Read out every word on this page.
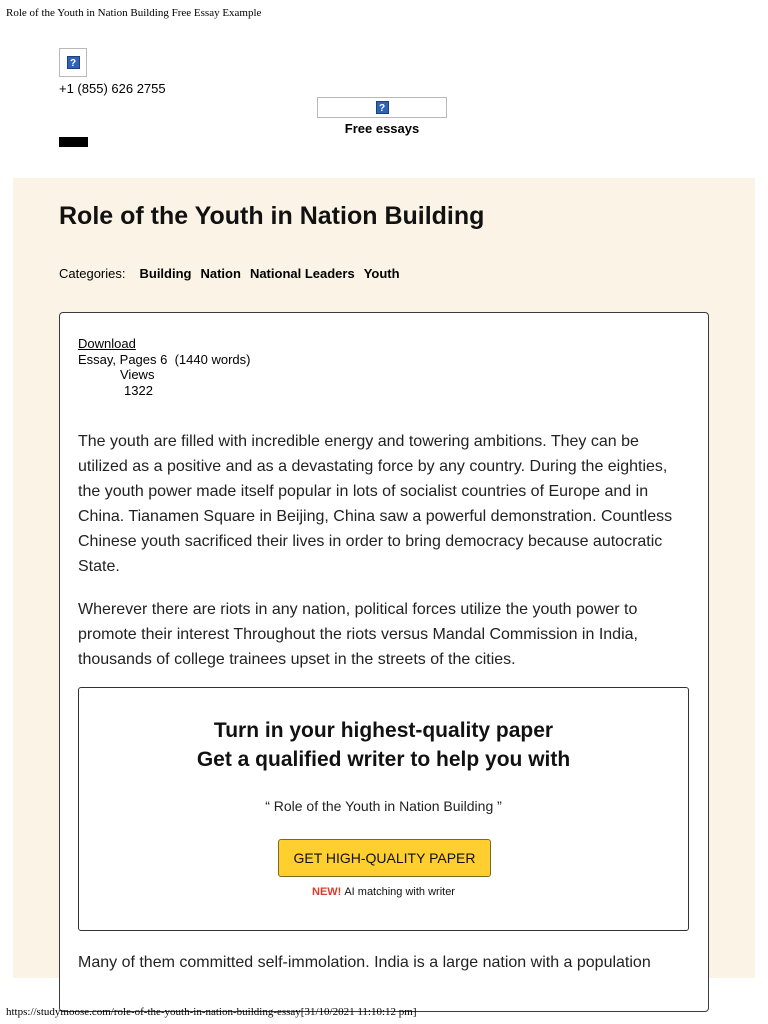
Role of the Youth in Nation Building Free Essay Example
?
+1 (855) 626 2755
?
Free essays
Role of the Youth in Nation Building
Categories: Building Nation National Leaders Youth
Download
Essay, Pages 6  (1440 words)
Views
1322

The youth are filled with incredible energy and towering ambitions. They can be utilized as a positive and as a devastating force by any country. During the eighties, the youth power made itself popular in lots of socialist countries of Europe and in China. Tianamen Square in Beijing, China saw a powerful demonstration. Countless Chinese youth sacrificed their lives in order to bring democracy because autocratic State.

Wherever there are riots in any nation, political forces utilize the youth power to promote their interest Throughout the riots versus Mandal Commission in India, thousands of college trainees upset in the streets of the cities.

Turn in your highest-quality paper
Get a qualified writer to help you with
“ Role of the Youth in Nation Building ”
GET HIGH-QUALITY PAPER
NEW! AI matching with writer

Many of them committed self-immolation. India is a large nation with a population

https://studymoose.com/role-of-the-youth-in-nation-building-essay[31/10/2021 11:10:12 pm]
